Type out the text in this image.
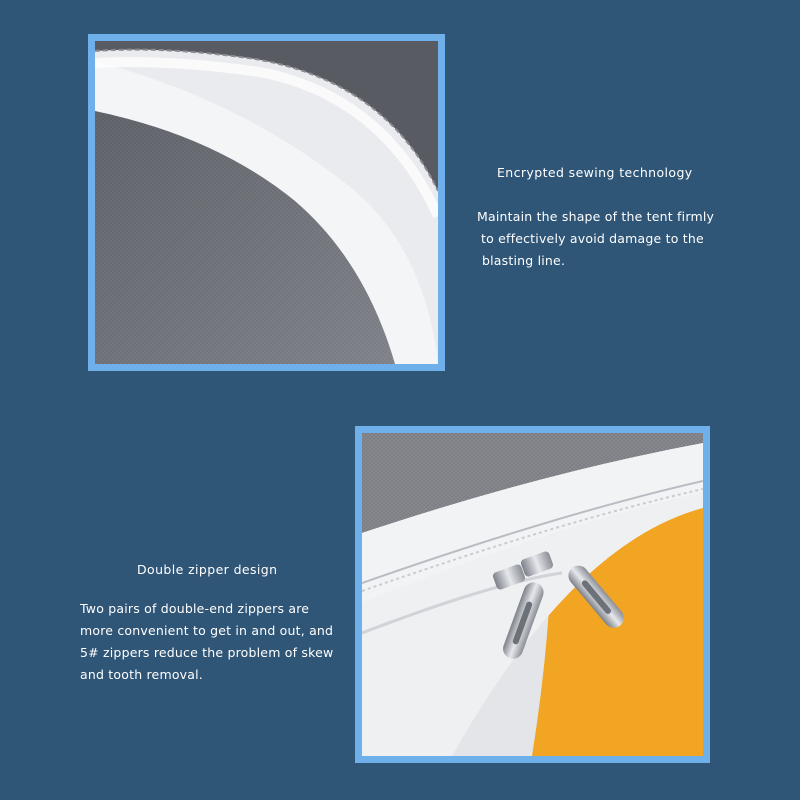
Encrypted sewing technology
Maintain the shape of the tent firmly
to effectively avoid damage to the
blasting line.
Double zipper design
Two pairs of double-end zippers are
more convenient to get in and out, and
5# zippers reduce the problem of skew
and tooth removal.
